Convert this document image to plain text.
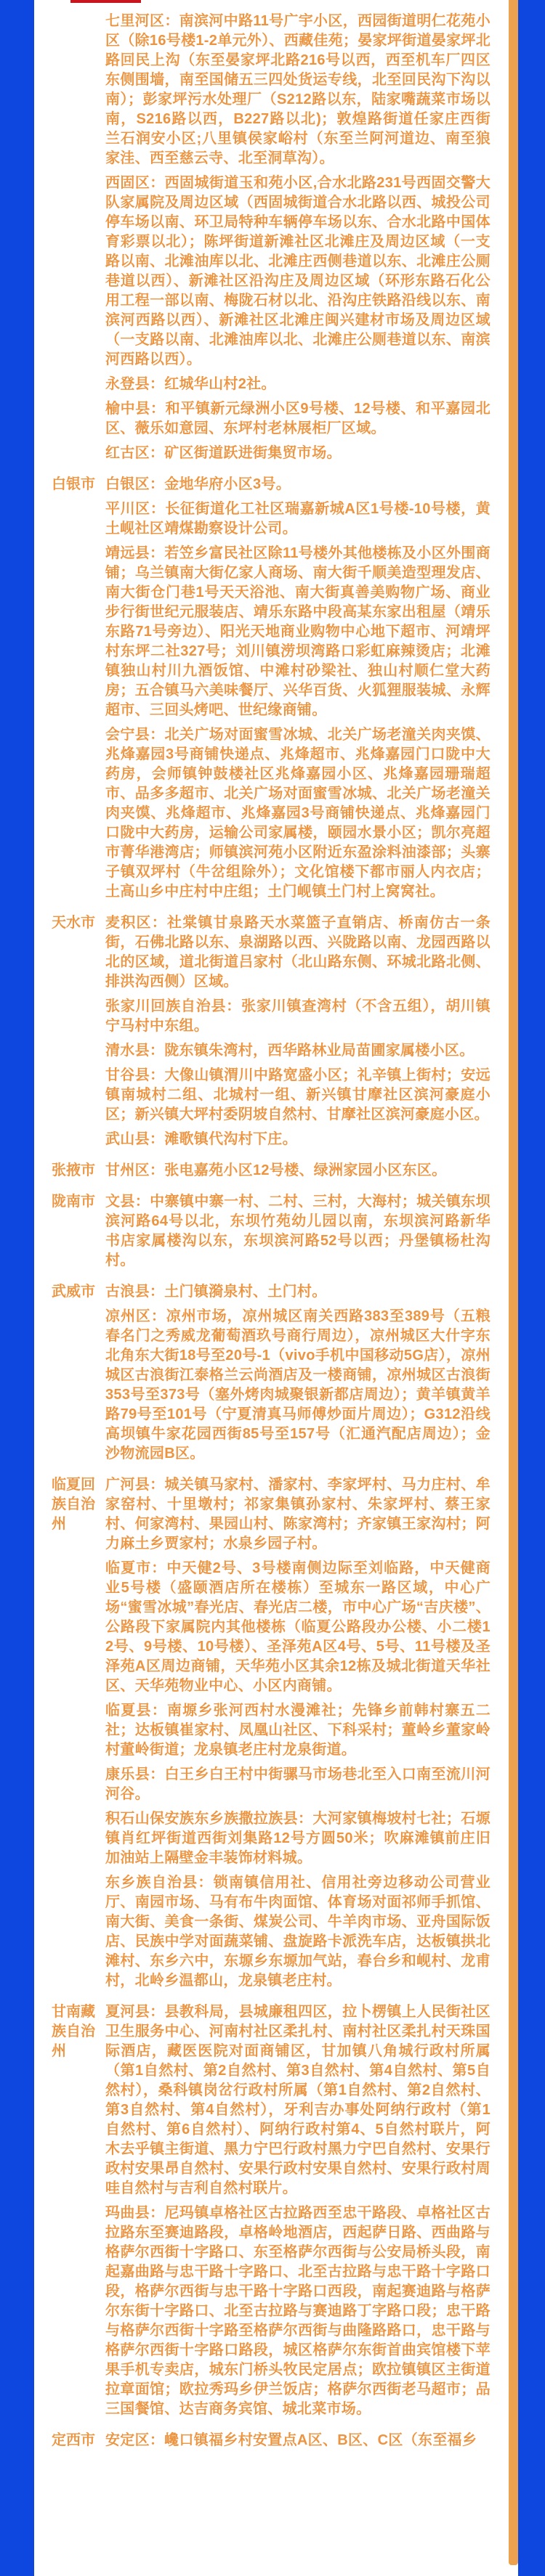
七里河区：南滨河中路11号广宇小区，西园街道明仁花苑小区（除16号楼1-2单元外）、西藏佳苑；晏家坪街道晏家坪北路回民上沟（东至晏家坪北路216号以西，西至机车厂四区东侧围墙，南至国储五三四处货运专线，北至回民沟下沟以南）；彭家坪污水处理厂（S212路以东，陆家嘴蔬菜市场以南，S216路以西，B227路以北)；敦煌路街道任家庄西街兰石润安小区;八里镇侯家峪村（东至兰阿河道边、南至狼家洼、西至慈云寺、北至洞草沟）。

西固区：西固城街道玉和苑小区,合水北路231号西固交警大队家属院及周边区域（西固城街道合水北路以西、城投公司停车场以南、环卫局特种车辆停车场以东、合水北路中国体育彩票以北）；陈坪街道新滩社区北滩庄及周边区域（一支路以南、北滩油库以北、北滩庄西侧巷道以东、北滩庄公厕巷道以西）、新滩社区沿沟庄及周边区域（环形东路石化公用工程一部以南、梅陇石材以北、沿沟庄铁路沿线以东、南滨河西路以西）、新滩社区北滩庄闽兴建材市场及周边区域（一支路以南、北滩油库以北、北滩庄公厕巷道以东、南滨河西路以西）。

永登县：红城华山村2社。

榆中县：和平镇新元绿洲小区9号楼、12号楼、和平嘉园北区、薇乐如意园、东坪村老林展柜厂区域。

红古区：矿区街道跃进街集贸市场。

白银市 白银区：金地华府小区3号。

平川区：长征街道化工社区瑞嘉新城A区1号楼-10号楼，黄土岘社区靖煤勘察设计公司。

靖远县：若笠乡富民社区除11号楼外其他楼栋及小区外围商铺；乌兰镇南大街亿家人商场、南大街千顺美造型理发店、南大街仓门巷1号天天浴池、南大街真善美购物广场、商业步行街世纪元服装店、靖乐东路中段高某东家出租屋（靖乐东路71号旁边）、阳光天地商业购物中心地下超市、河靖坪村东坪二社327号；刘川镇涝坝湾路口彩虹麻辣烫店；北滩镇独山村川九酒饭馆、中滩村砂梁社、独山村顺仁堂大药房；五合镇马六美味餐厅、兴华百货、火狐狸服装城、永辉超市、三回头烤吧、世纪缘商铺。

会宁县：北关广场对面蜜雪冰城、北关广场老潼关肉夹馍、兆烽嘉园3号商铺快递点、兆烽超市、兆烽嘉园门口陇中大药房，会师镇钟鼓楼社区兆烽嘉园小区、兆烽嘉园珊瑞超市、品多多超市、北关广场对面蜜雪冰城、北关广场老潼关肉夹馍、兆烽超市、兆烽嘉园3号商铺快递点、兆烽嘉园门口陇中大药房，运输公司家属楼，颐园水景小区；凯尔亮超市菁华港湾店；师镇滨河苑小区附近东盈涂料油漆部；头寨子镇双坪村（牛岔组除外）；文化馆楼下都市丽人内衣店；土高山乡中庄村中庄组；土门岘镇土门村上窝窝社。

天水市 麦积区：社棠镇甘泉路天水菜篮子直销店、桥南仿古一条街，石佛北路以东、泉湖路以西、兴陇路以南、龙园西路以北的区域，道北街道吕家村（北山路东侧、环城北路北侧、排洪沟西侧）区域。

张家川回族自治县：张家川镇查湾村（不含五组），胡川镇宁马村中东组。

清水县：陇东镇朱湾村，西华路林业局苗圃家属楼小区。

甘谷县：大像山镇渭川中路宽盛小区；礼辛镇上街村；安远镇南城村二组、北城村一组、新兴镇甘摩社区滨河豪庭小区；新兴镇大坪村委阴坡自然村、甘摩社区滨河豪庭小区。

武山县：滩歌镇代沟村下庄。

张掖市 甘州区：张电嘉苑小区12号楼、绿洲家园小区东区。

陇南市 文县：中寨镇中寨一村、二村、三村，大海村；城关镇东坝滨河路64号以北，东坝竹苑幼儿园以南，东坝滨河路新华书店家属楼沟以东，东坝滨河路52号以西；丹堡镇杨杜沟村。

武威市 古浪县：土门镇漪泉村、土门村。

凉州区：凉州市场，凉州城区南关西路383至389号（五粮春名门之秀威龙葡萄酒玖号商行周边），凉州城区大什字东北角东大街18号至20号-1（vivo手机中国移动5G店），凉州城区古浪街江泰格兰云尚酒店及一楼商铺，凉州城区古浪街353号至373号（塞外烤肉城聚银新都店周边）；黄羊镇黄羊路79号至101号（宁夏清真马师傅炒面片周边）；G312沿线高坝镇牛家花园西街85号至157号（汇通汽配店周边）；金沙物流园B区。

临夏回族自治州

广河县：城关镇马家村、潘家村、李家坪村、马力庄村、牟家窑村、十里墩村；祁家集镇孙家村、朱家坪村、蔡王家村、何家湾村、果园山村、陈家湾村；齐家镇王家沟村；阿力麻土乡贾家村；水泉乡园子村。

临夏市：中天健2号、3号楼南侧边际至刘临路，中天健商业5号楼（盛颐酒店所在楼栋）至城东一路区域，中心广场“蜜雪冰城”春光店、春光店二楼，市中心广场“吉庆楼”、公路段下家属院内其他楼栋（临夏公路段办公楼、小二楼12号、9号楼、10号楼）、圣泽苑A区4号、5号、11号楼及圣泽苑A区周边商铺，天华苑小区其余12栋及城北街道天华社区、天华苑物业中心、小区内商铺。

临夏县：南塬乡张河西村水漫滩社；先锋乡前韩村寨五二社；达板镇崔家村、凤凰山社区、下科采村；董岭乡董家岭村董岭街道；龙泉镇老庄村龙泉街道。

康乐县：白王乡白王村中街骡马市场巷北至入口南至流川河河谷。

积石山保安族东乡族撒拉族县：大河家镇梅坡村七社；石塬镇肖红坪街道西街刘集路12号方圆50米；吹麻滩镇前庄旧加油站上隔壁金丰装饰材料城。

东乡族自治县：锁南镇信用社、信用社旁边移动公司营业厅、南园市场、马有布牛肉面馆、体育场对面祁师手抓馆、南大街、美食一条街、煤炭公司、牛羊肉市场、亚舟国际饭店、民族中学对面蔬菜铺、盘旋路卡派洗车店，达板镇拱北滩村、东乡六中，东塬乡东塬加气站，春台乡和岘村、龙甫村，北岭乡温都山，龙泉镇老庄村。

甘南藏族自治州

夏河县：县教科局，县城廉租四区，拉卜楞镇上人民街社区卫生服务中心、河南村社区柔扎村、南村社区柔扎村天珠国际酒店，藏医医院对面商铺区，甘加镇八角城行政村所属（第1自然村、第2自然村、第3自然村、第4自然村、第5自然村），桑科镇岗岔行政村所属（第1自然村、第2自然村、第3自然村、第4自然村），牙利吉办事处阿纳行政村（第1自然村、第6自然村）、阿纳行政村第4、5自然村联片，阿木去乎镇主街道、黑力宁巴行政村黑力宁巴自然村、安果行政村安果昂自然村、安果行政村安果自然村、安果行政村周哇自然村与吉利自然村联片。

玛曲县：尼玛镇卓格社区古拉路西至忠干路段、卓格社区古拉路东至赛迪路段，卓格岭地酒店，西起萨日路、西曲路与格萨尔西街十字路口、东至格萨尔西街与公安局桥头段，南起嘉曲路与忠干路十字路口、北至古拉路与忠干路十字路口段，格萨尔西街与忠干路十字路口西段，南起赛迪路与格萨尔东街十字路口、北至古拉路与赛迪路丁字路口段；忠干路与格萨尔西街十字路至格萨尔西街与曲隆路路口，忠干路与格萨尔西街十字路口路段，城区格萨尔东街首曲宾馆楼下苹果手机专卖店，城东门桥头牧民定居点；欧拉镇镇区主街道拉章面馆；欧拉秀玛乡伊兰饭店；格萨尔西街老马超市；品三国餐馆、达吉商务宾馆、城北菜市场。

定西市 安定区：巉口镇福乡村安置点A区、B区、C区（东至福乡
